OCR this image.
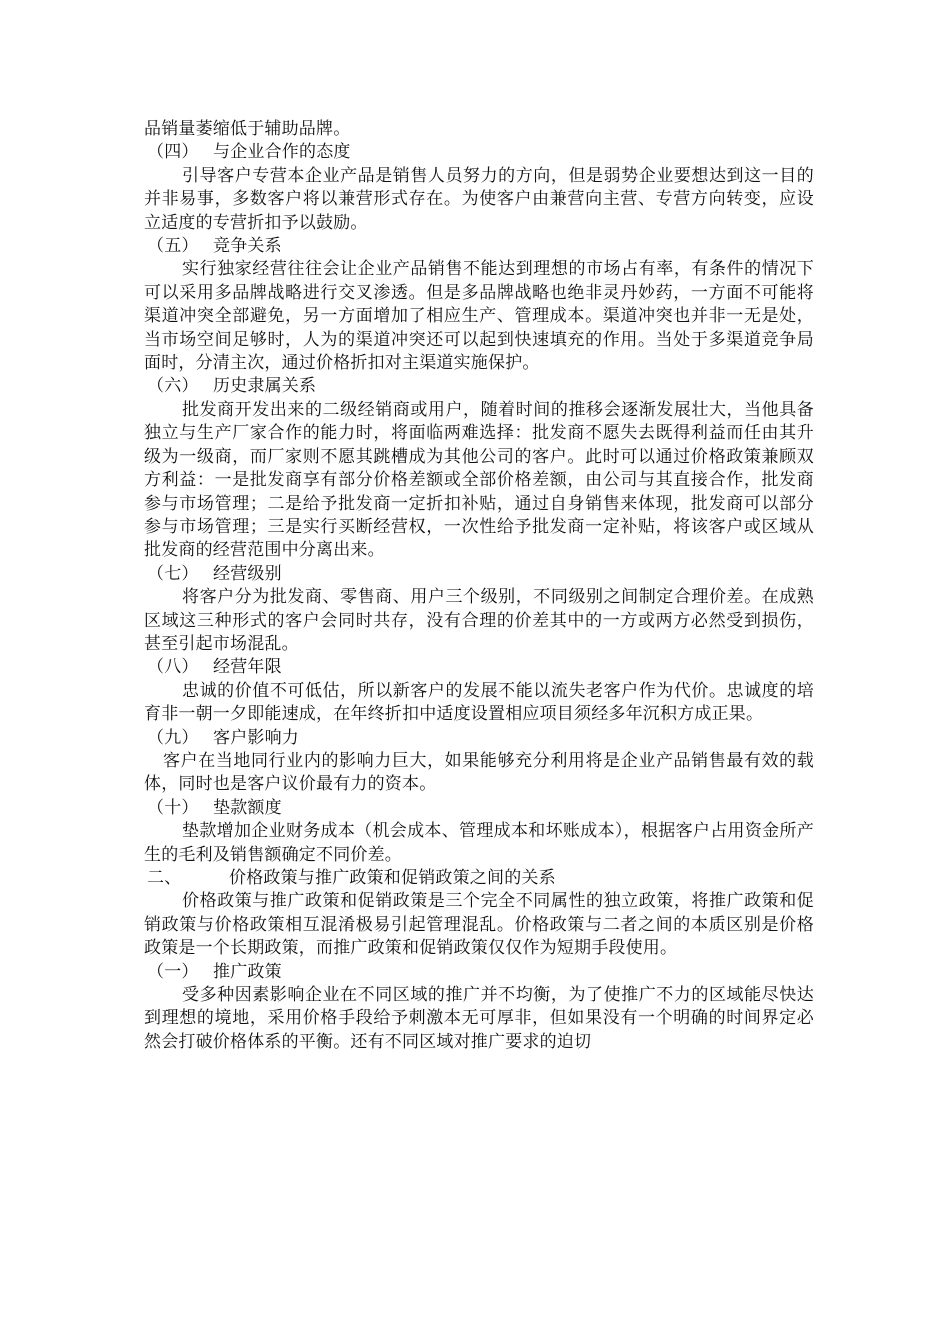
品销量萎缩低于辅助品牌。

（四） 与企业合作的态度

引导客户专营本企业产品是销售人员努力的方向，但是弱势企业要想达到这一目的并非易事，多数客户将以兼营形式存在。为使客户由兼营向主营、专营方向转变，应设立适度的专营折扣予以鼓励。

（五） 竞争关系

实行独家经营往往会让企业产品销售不能达到理想的市场占有率，有条件的情况下可以采用多品牌战略进行交叉渗透。但是多品牌战略也绝非灵丹妙药，一方面不可能将渠道冲突全部避免，另一方面增加了相应生产、管理成本。渠道冲突也并非一无是处，当市场空间足够时，人为的渠道冲突还可以起到快速填充的作用。当处于多渠道竞争局面时，分清主次，通过价格折扣对主渠道实施保护。

（六） 历史隶属关系

批发商开发出来的二级经销商或用户，随着时间的推移会逐渐发展壮大，当他具备独立与生产厂家合作的能力时，将面临两难选择：批发商不愿失去既得利益而任由其升级为一级商，而厂家则不愿其跳槽成为其他公司的客户。此时可以通过价格政策兼顾双方利益：一是批发商享有部分价格差额或全部价格差额，由公司与其直接合作，批发商参与市场管理；二是给予批发商一定折扣补贴，通过自身销售来体现，批发商可以部分参与市场管理；三是实行买断经营权，一次性给予批发商一定补贴，将该客户或区域从批发商的经营范围中分离出来。

（七） 经营级别

将客户分为批发商、零售商、用户三个级别，不同级别之间制定合理价差。在成熟区域这三种形式的客户会同时共存，没有合理的价差其中的一方或两方必然受到损伤，甚至引起市场混乱。

（八） 经营年限

忠诚的价值不可低估，所以新客户的发展不能以流失老客户作为代价。忠诚度的培育非一朝一夕即能速成，在年终折扣中适度设置相应项目须经多年沉积方成正果。

（九） 客户影响力

客户在当地同行业内的影响力巨大，如果能够充分利用将是企业产品销售最有效的载体，同时也是客户议价最有力的资本。

（十） 垫款额度

垫款增加企业财务成本（机会成本、管理成本和坏账成本），根据客户占用资金所产生的毛利及销售额确定不同价差。

二、	价格政策与推广政策和促销政策之间的关系

价格政策与推广政策和促销政策是三个完全不同属性的独立政策，将推广政策和促销政策与价格政策相互混淆极易引起管理混乱。价格政策与二者之间的本质区别是价格政策是一个长期政策，而推广政策和促销政策仅仅作为短期手段使用。

（一） 推广政策

受多种因素影响企业在不同区域的推广并不均衡，为了使推广不力的区域能尽快达到理想的境地，采用价格手段给予刺激本无可厚非，但如果没有一个明确的时间界定必然会打破价格体系的平衡。还有不同区域对推广要求的迫切
